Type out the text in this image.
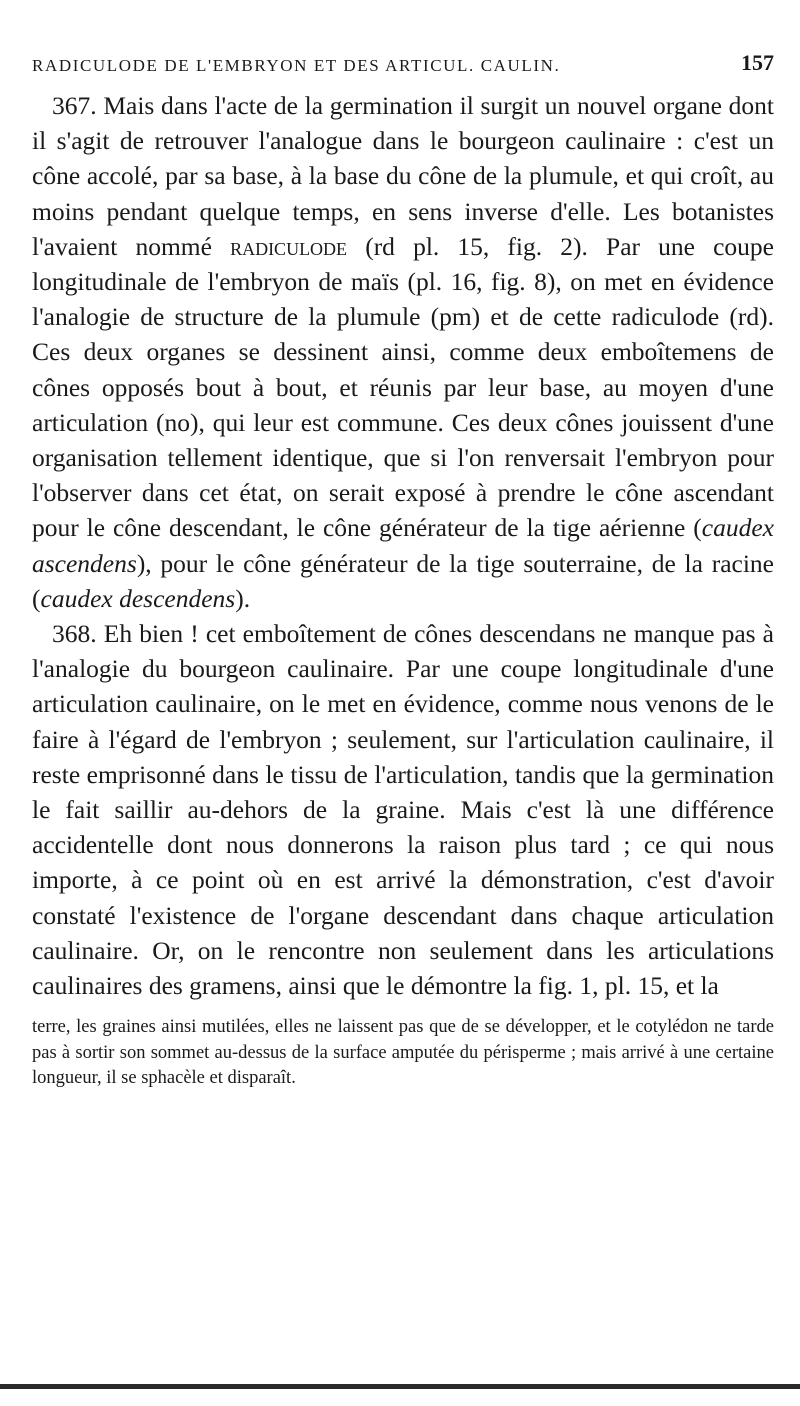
RADICULODE DE L'EMBRYON ET DES ARTICUL. CAULIN.	157

367. Mais dans l'acte de la germination il surgit un nouvel organe dont il s'agit de retrouver l'analogue dans le bourgeon caulinaire : c'est un cône accolé, par sa base, à la base du cône de la plumule, et qui croît, au moins pendant quelque temps, en sens inverse d'elle. Les botanistes l'avaient nommé radiculode (rd pl. 15, fig. 2). Par une coupe longitudinale de l'embryon de maïs (pl. 16, fig. 8), on met en évidence l'analogie de structure de la plumule (pm) et de cette radiculode (rd). Ces deux organes se dessinent ainsi, comme deux emboîtemens de cônes opposés bout à bout, et réunis par leur base, au moyen d'une articulation (no), qui leur est commune. Ces deux cônes jouissent d'une organisation tellement identique, que si l'on renversait l'embryon pour l'observer dans cet état, on serait exposé à prendre le cône ascendant pour le cône descendant, le cône générateur de la tige aérienne (caudex ascendens), pour le cône générateur de la tige souterraine, de la racine (caudex descendens).

368. Eh bien ! cet emboîtement de cônes descendans ne manque pas à l'analogie du bourgeon caulinaire. Par une coupe longitudinale d'une articulation caulinaire, on le met en évidence, comme nous venons de le faire à l'égard de l'embryon ; seulement, sur l'articulation caulinaire, il reste emprisonné dans le tissu de l'articulation, tandis que la germination le fait saillir au-dehors de la graine. Mais c'est là une différence accidentelle dont nous donnerons la raison plus tard ; ce qui nous importe, à ce point où en est arrivé la démonstration, c'est d'avoir constaté l'existence de l'organe descendant dans chaque articulation caulinaire. Or, on le rencontre non seulement dans les articulations caulinaires des gramens, ainsi que le démontre la fig. 1, pl. 15, et la

terre, les graines ainsi mutilées, elles ne laissent pas que de se développer, et le cotylédon ne tarde pas à sortir son sommet au-dessus de la surface amputée du périsperme ; mais arrivé à une certaine longueur, il se sphacèle et disparaît.
